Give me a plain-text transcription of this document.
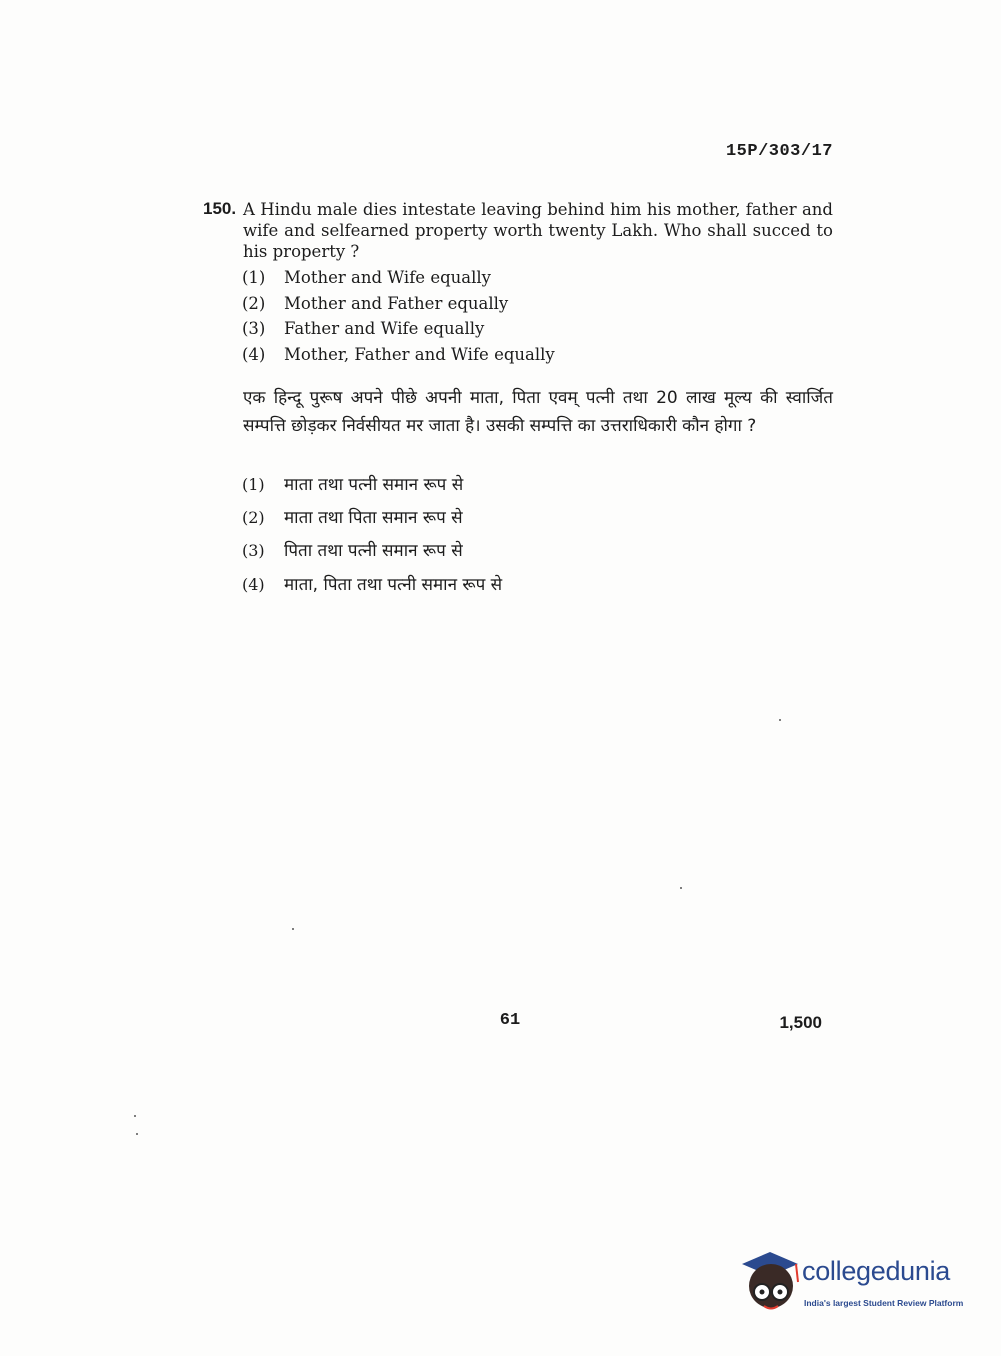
15P/303/17
150. A Hindu male dies intestate leaving behind him his mother, father and wife and selfearned property worth twenty Lakh. Who shall succed to his property ?
(1) Mother and Wife equally
(2) Mother and Father equally
(3) Father and Wife equally
(4) Mother, Father and Wife equally
एक हिन्दू पुरूष अपने पीछे अपनी माता, पिता एवम् पत्नी तथा 20 लाख मूल्य की स्वार्जित सम्पत्ति छोड़कर निर्वसीयत मर जाता है। उसकी सम्पत्ति का उत्तराधिकारी कौन होगा ?
(1) माता तथा पत्नी समान रूप से
(2) माता तथा पिता समान रूप से
(3) पिता तथा पत्नी समान रूप से
(4) माता, पिता तथा पत्नी समान रूप से
61	1,500
collegedunia
India's largest Student Review Platform
